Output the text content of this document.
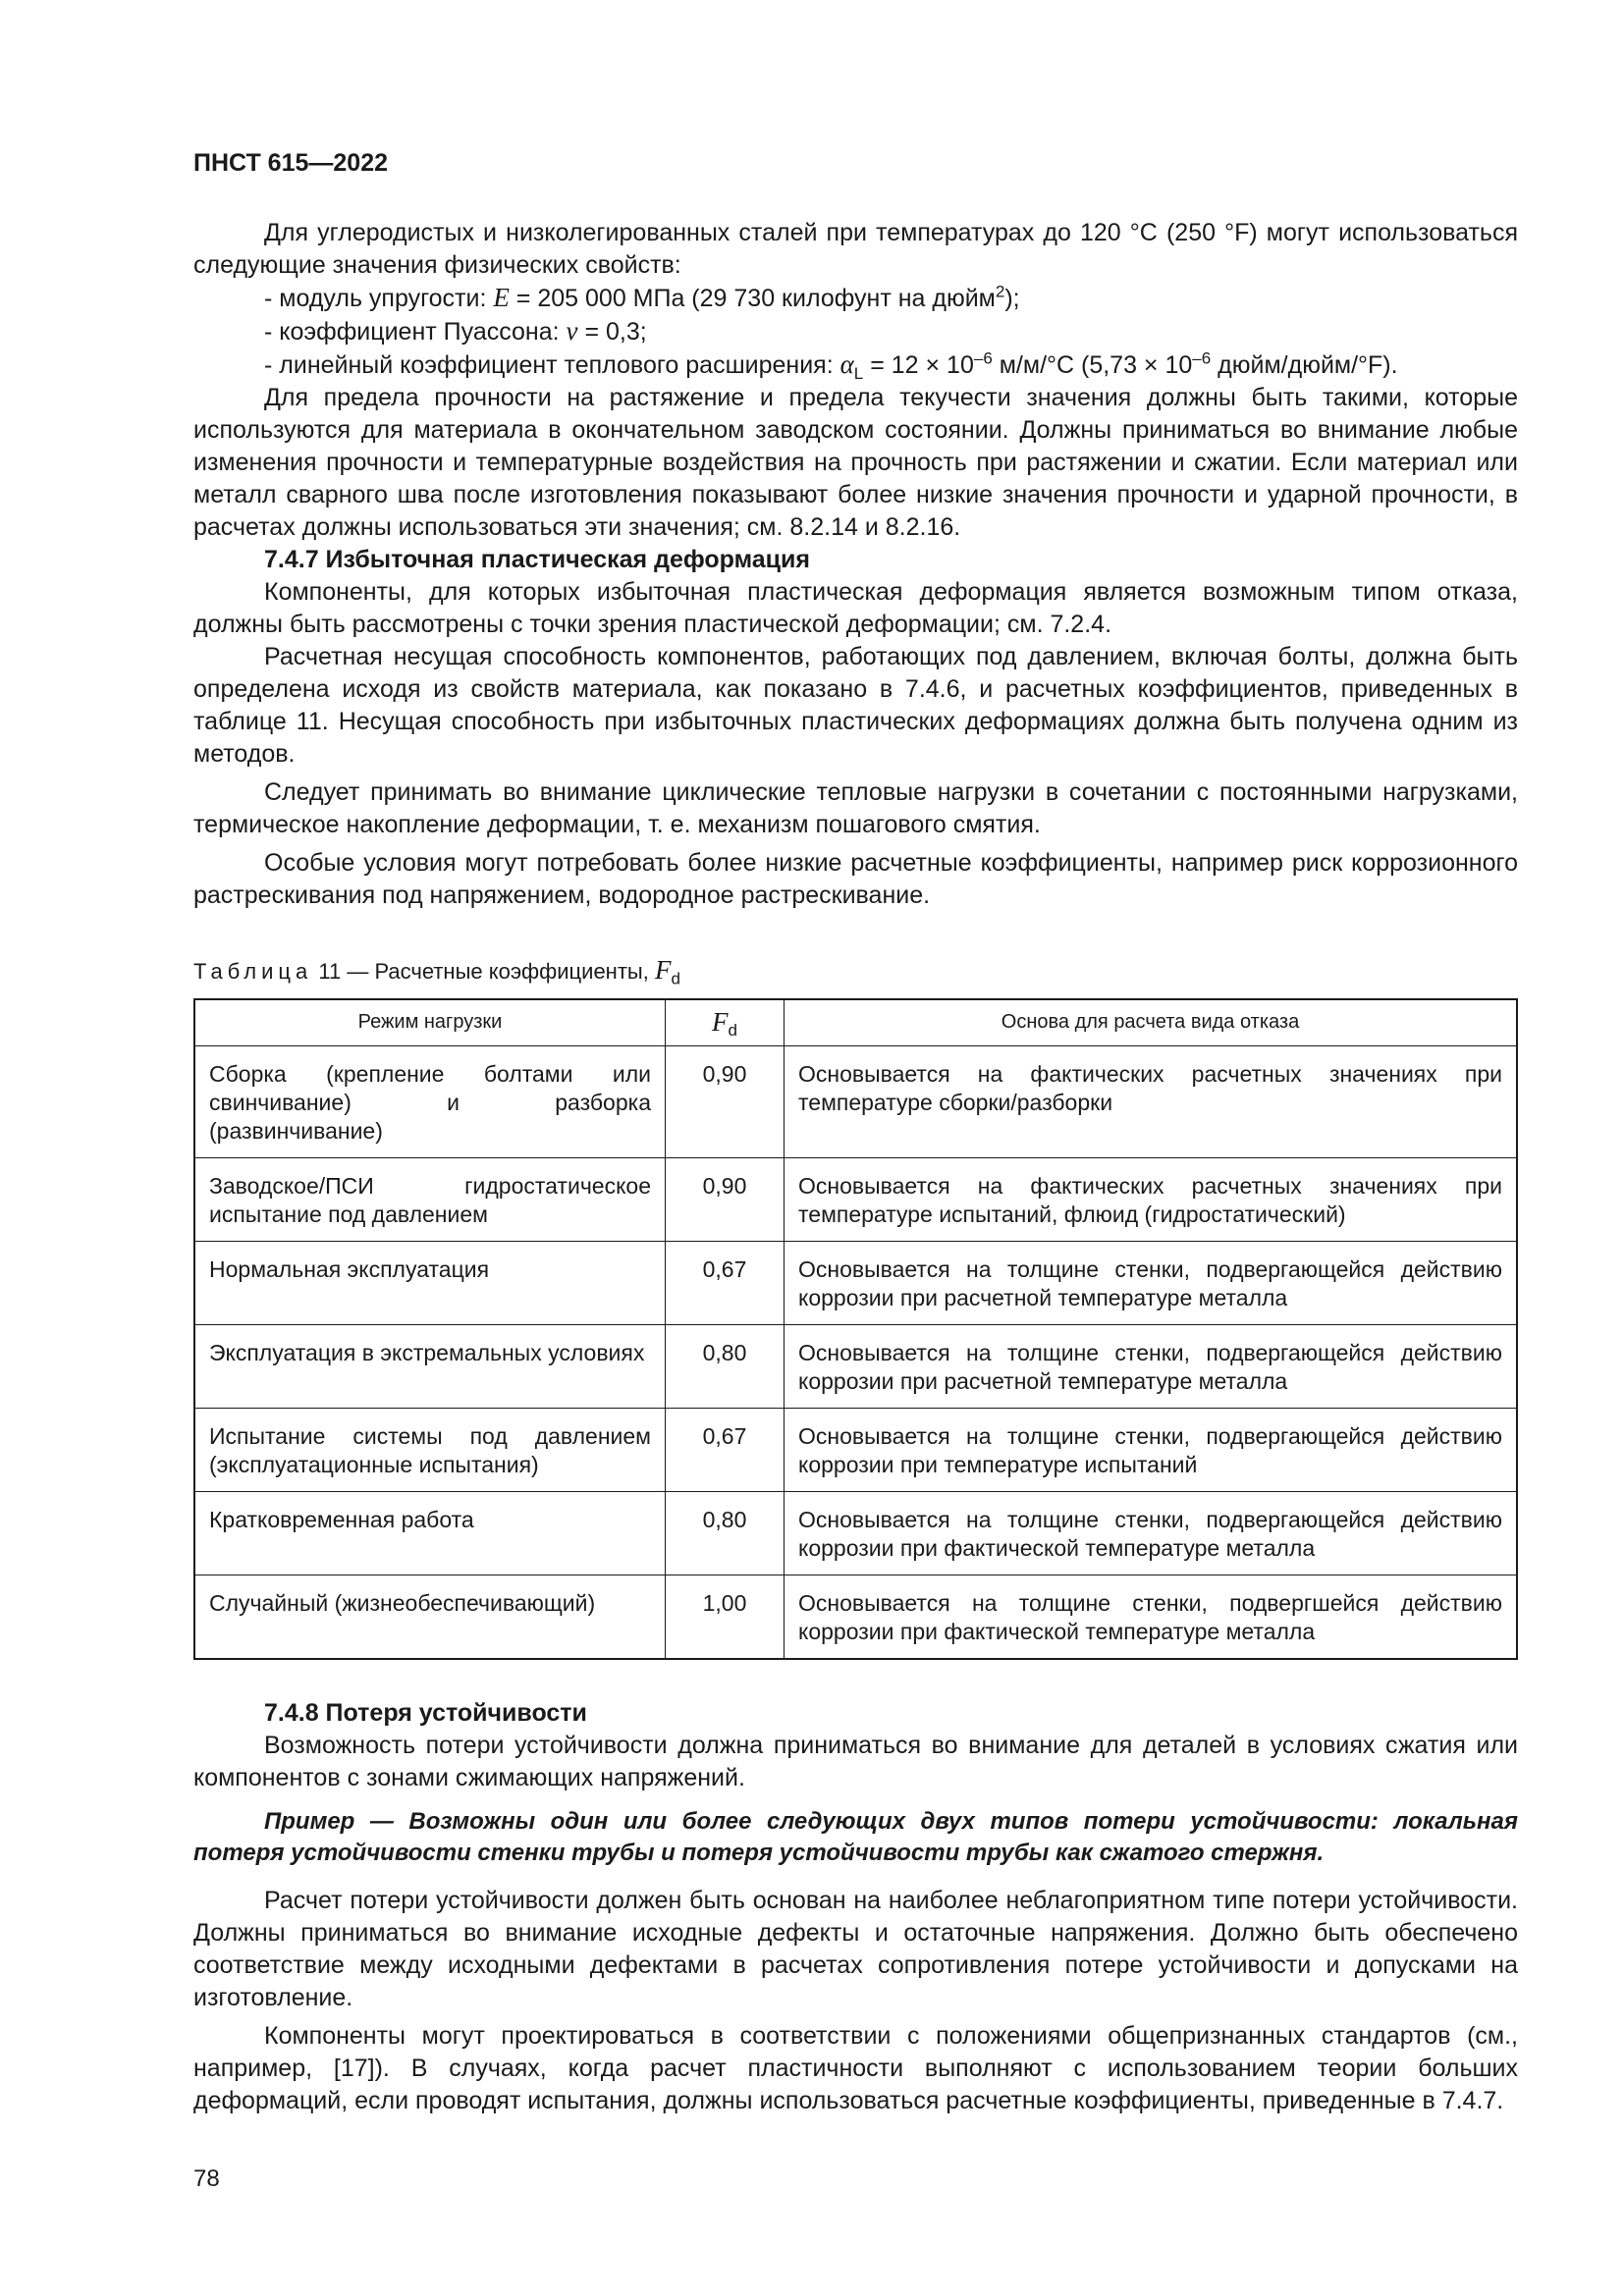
ПНСТ 615—2022

Для углеродистых и низколегированных сталей при температурах до 120 °С (250 °F) могут использоваться следующие значения физических свойств:

- модуль упругости: E = 205 000 МПа (29 730 килофунт на дюйм$^2$);

- коэффициент Пуассона: ν = 0,3;

- линейный коэффициент теплового расширения: $\alpha_L = 12 \times 10^{-6}$ м/м/°С ($5,73 \times 10^{-6}$ дюйм/дюйм/°F).

Для предела прочности на растяжение и предела текучести значения должны быть такими, которые используются для материала в окончательном заводском состоянии. Должны приниматься во внимание любые изменения прочности и температурные воздействия на прочность при растяжении и сжатии. Если материал или металл сварного шва после изготовления показывают более низкие значения прочности и ударной прочности, в расчетах должны использоваться эти значения; см. 8.2.14 и 8.2.16.

7.4.7 Избыточная пластическая деформация

Компоненты, для которых избыточная пластическая деформация является возможным типом отказа, должны быть рассмотрены с точки зрения пластической деформации; см. 7.2.4.

Расчетная несущая способность компонентов, работающих под давлением, включая болты, должна быть определена исходя из свойств материала, как показано в 7.4.6, и расчетных коэффициентов, приведенных в таблице 11. Несущая способность при избыточных пластических деформациях должна быть получена одним из методов.

Следует принимать во внимание циклические тепловые нагрузки в сочетании с постоянными нагрузками, термическое накопление деформации, т. е. механизм пошагового смятия.

Особые условия могут потребовать более низкие расчетные коэффициенты, например риск коррозионного растрескивания под напряжением, водородное растрескивание.

Таблица 11 — Расчетные коэффициенты, $F_d$
Режим нагрузки	$F_d$	Основа для расчета вида отказа
Сборка (крепление болтами или свинчивание) и разборка (развинчивание)	0,90	Основывается на фактических расчетных значениях при температуре сборки/разборки
Заводское/ПСИ гидростатическое испытание под давлением	0,90	Основывается на фактических расчетных значениях при температуре испытаний, флюид (гидростатический)
Нормальная эксплуатация	0,67	Основывается на толщине стенки, подвергающейся действию коррозии при расчетной температуре металла
Эксплуатация в экстремальных условиях	0,80	Основывается на толщине стенки, подвергающейся действию коррозии при расчетной температуре металла
Испытание системы под давлением (эксплуатационные испытания)	0,67	Основывается на толщине стенки, подвергающейся действию коррозии при температуре испытаний
Кратковременная работа	0,80	Основывается на толщине стенки, подвергающейся действию коррозии при фактической температуре металла
Случайный (жизнеобеспечивающий)	1,00	Основывается на толщине стенки, подвергшейся действию коррозии при фактической температуре металла
7.4.8 Потеря устойчивости

Возможность потери устойчивости должна приниматься во внимание для деталей в условиях сжатия или компонентов с зонами сжимающих напряжений.

Пример — Возможны один или более следующих двух типов потери устойчивости: локальная потеря устойчивости стенки трубы и потеря устойчивости трубы как сжатого стержня.

Расчет потери устойчивости должен быть основан на наиболее неблагоприятном типе потери устойчивости. Должны приниматься во внимание исходные дефекты и остаточные напряжения. Должно быть обеспечено соответствие между исходными дефектами в расчетах сопротивления потере устойчивости и допусками на изготовление.

Компоненты могут проектироваться в соответствии с положениями общепризнанных стандартов (см., например, [17]). В случаях, когда расчет пластичности выполняют с использованием теории больших деформаций, если проводят испытания, должны использоваться расчетные коэффициенты, приведенные в 7.4.7.

78
